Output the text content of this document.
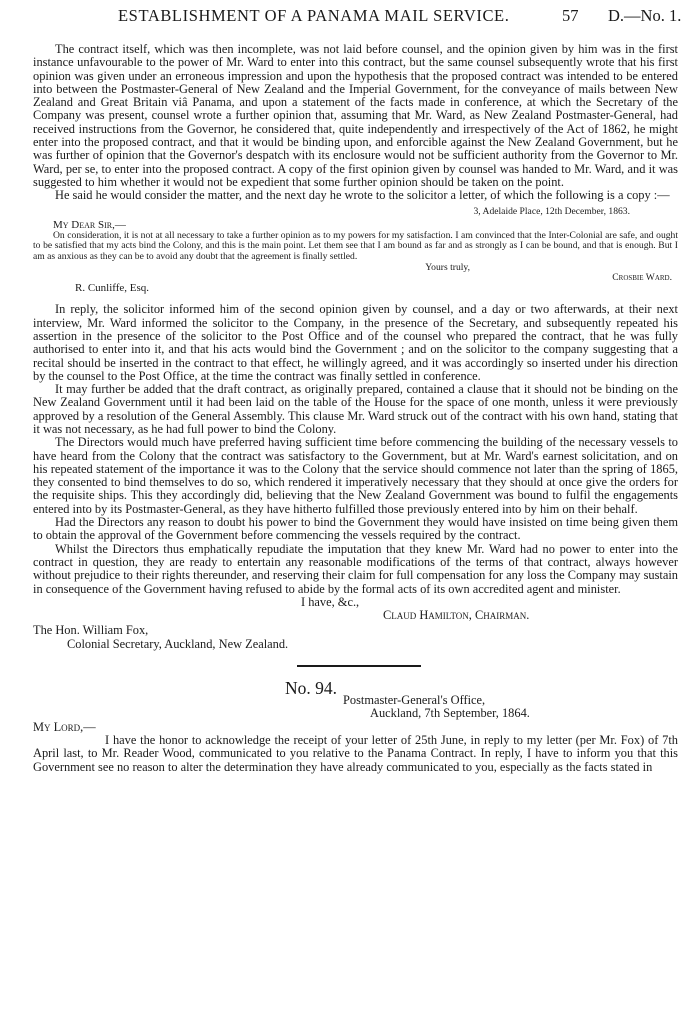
ESTABLISHMENT OF A PANAMA MAIL SERVICE.	57 D.—No. 1.

The contract itself, which was then incomplete, was not laid before counsel, and the opinion given by him was in the first instance unfavourable to the power of Mr. Ward to enter into this contract, but the same counsel subsequently wrote that his first opinion was given under an erroneous impression and upon the hypothesis that the proposed contract was intended to be entered into between the Postmaster-General of New Zealand and the Imperial Government, for the conveyance of mails between New Zealand and Great Britain viâ Panama, and upon a statement of the facts made in conference, at which the Secretary of the Company was present, counsel wrote a further opinion that, assuming that Mr. Ward, as New Zealand Postmaster-General, had received instructions from the Governor, he considered that, quite independently and irrespectively of the Act of 1862, he might enter into the proposed contract, and that it would be binding upon, and enforcible against the New Zealand Government, but he was further of opinion that the Governor's despatch with its enclosure would not be sufficient authority from the Governor to Mr. Ward, per se, to enter into the proposed contract. A copy of the first opinion given by counsel was handed to Mr. Ward, and it was suggested to him whether it would not be expedient that some further opinion should be taken on the point.

He said he would consider the matter, and the next day he wrote to the solicitor a letter, of which the following is a copy :—

3, Adelaide Place, 12th December, 1863.

My Dear Sir,—

On consideration, it is not at all necessary to take a further opinion as to my powers for my satisfaction. I am convinced that the Inter-Colonial are safe, and ought to be satisfied that my acts bind the Colony, and this is the main point. Let them see that I am bound as far and as strongly as I can be bound, and that is enough. But I am as anxious as they can be to avoid any doubt that the agreement is finally settled.

Yours truly,

Crosbie Ward.

R. Cunliffe, Esq.

In reply, the solicitor informed him of the second opinion given by counsel, and a day or two afterwards, at their next interview, Mr. Ward informed the solicitor to the Company, in the presence of the Secretary, and subsequently repeated his assertion in the presence of the solicitor to the Post Office and of the counsel who prepared the contract, that he was fully authorised to enter into it, and that his acts would bind the Government ; and on the solicitor to the company suggesting that a recital should be inserted in the contract to that effect, he willingly agreed, and it was accordingly so inserted under his direction by the counsel to the Post Office, at the time the contract was finally settled in conference.

It may further be added that the draft contract, as originally prepared, contained a clause that it should not be binding on the New Zealand Government until it had been laid on the table of the House for the space of one month, unless it were previously approved by a resolution of the General Assembly. This clause Mr. Ward struck out of the contract with his own hand, stating that it was not necessary, as he had full power to bind the Colony.

The Directors would much have preferred having sufficient time before commencing the building of the necessary vessels to have heard from the Colony that the contract was satisfactory to the Government, but at Mr. Ward's earnest solicitation, and on his repeated statement of the importance it was to the Colony that the service should commence not later than the spring of 1865, they consented to bind themselves to do so, which rendered it imperatively necessary that they should at once give the orders for the requisite ships. This they accordingly did, believing that the New Zealand Government was bound to fulfil the engagements entered into by its Postmaster-General, as they have hitherto fulfilled those previously entered into by him on their behalf.

Had the Directors any reason to doubt his power to bind the Government they would have insisted on time being given them to obtain the approval of the Government before commencing the vessels required by the contract.

Whilst the Directors thus emphatically repudiate the imputation that they knew Mr. Ward had no power to enter into the contract in question, they are ready to entertain any reasonable modifications of the terms of that contract, always however without prejudice to their rights thereunder, and reserving their claim for full compensation for any loss the Company may sustain in consequence of the Government having refused to abide by the formal acts of its own accredited agent and minister.

I have, &c.,

Claud Hamilton, Chairman.

The Hon. William Fox,

Colonial Secretary, Auckland, New Zealand.

No. 94.

Postmaster-General's Office,

Auckland, 7th September, 1864.

My Lord,—

I have the honor to acknowledge the receipt of your letter of 25th June, in reply to my letter (per Mr. Fox) of 7th April last, to Mr. Reader Wood, communicated to you relative to the Panama Contract. In reply, I have to inform you that this Government see no reason to alter the determination they have already communicated to you, especially as the facts stated in
